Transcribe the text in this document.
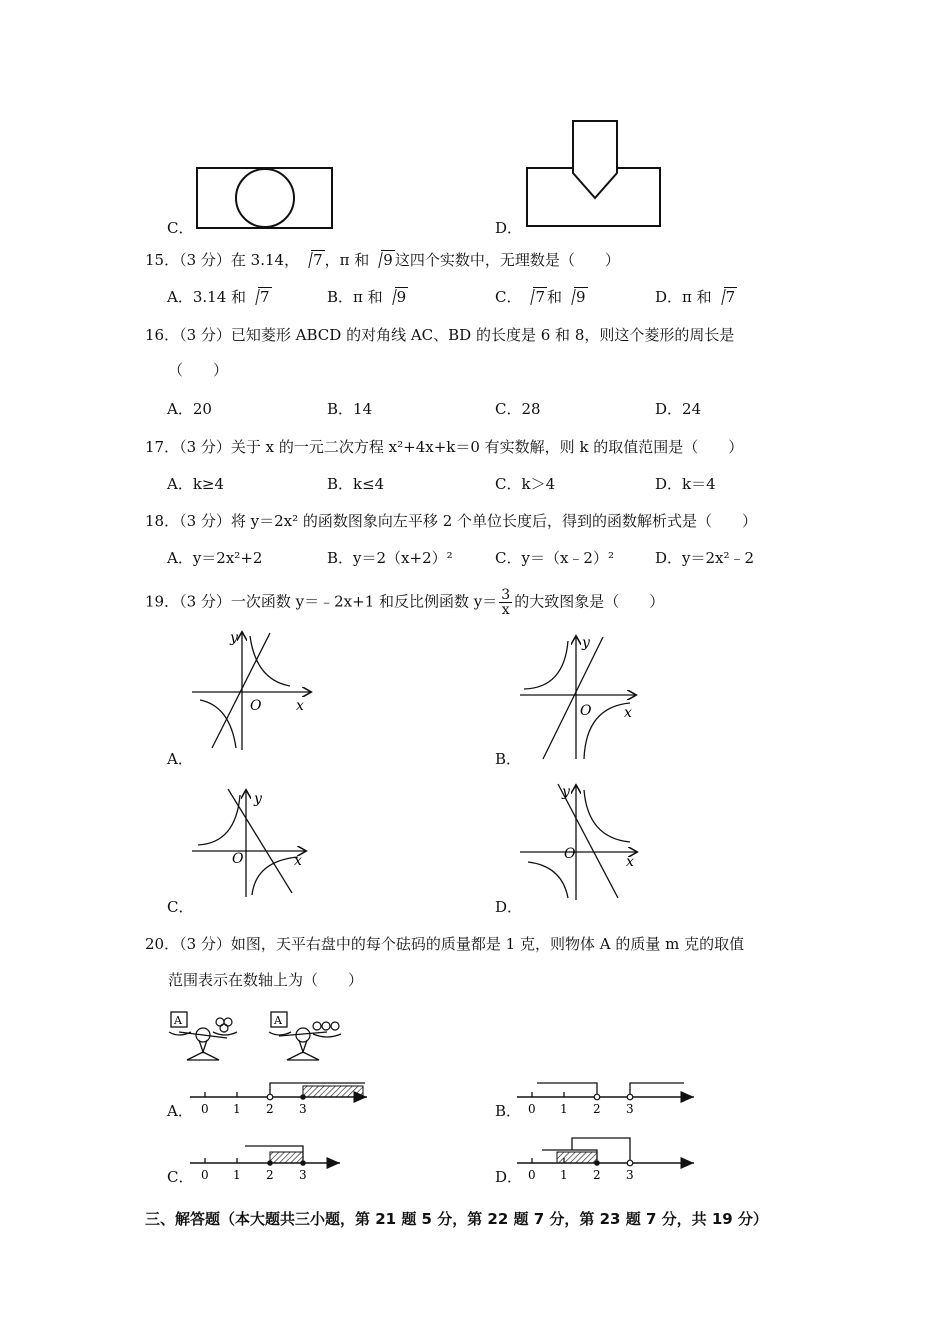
C．	D．
15．（3 分）在 3.14， 7 ，π 和 9 这四个实数中，无理数是（　　）
A．3.14 和 7	B．π 和 9	C． 7 和 9	D．π 和 7
16．（3 分）已知菱形 ABCD 的对角线 AC、BD 的长度是 6 和 8，则这个菱形的周长是
（　　）
A．20	B．14	C．28	D．24
17．（3 分）关于 x 的一元二次方程 x²+4x+k＝0 有实数解，则 k 的取值范围是（　　）
A．k≥4	B．k≤4	C．k＞4	D．k＝4
18．（3 分）将 y＝2x² 的函数图象向左平移 2 个单位长度后，得到的函数解析式是（　　）
A．y＝2x²+2	B．y＝2（x+2）²	C．y＝（x﹣2）²	D．y＝2x²﹣2
19．（3 分）一次函数 y＝﹣2x+1 和反比例函数 $y= \frac{3}{x}$ 的大致图象是（　　）
y
x
O
A．
y
x
O
B．
y
x
O
C．
y
x
O
D．
20．（3 分）如图，天平右盘中的每个砝码的质量都是 1 克，则物体 A 的质量 m 克的取值
范围表示在数轴上为（　　）
A	A
0 1 2 3
A．	0 1 2 3
B．
0 1 2 3
C．	0 1 2 3
D．
三、解答题（本大题共三小题，第 21 题 5 分，第 22 题 7 分，第 23 题 7 分，共 19 分）
